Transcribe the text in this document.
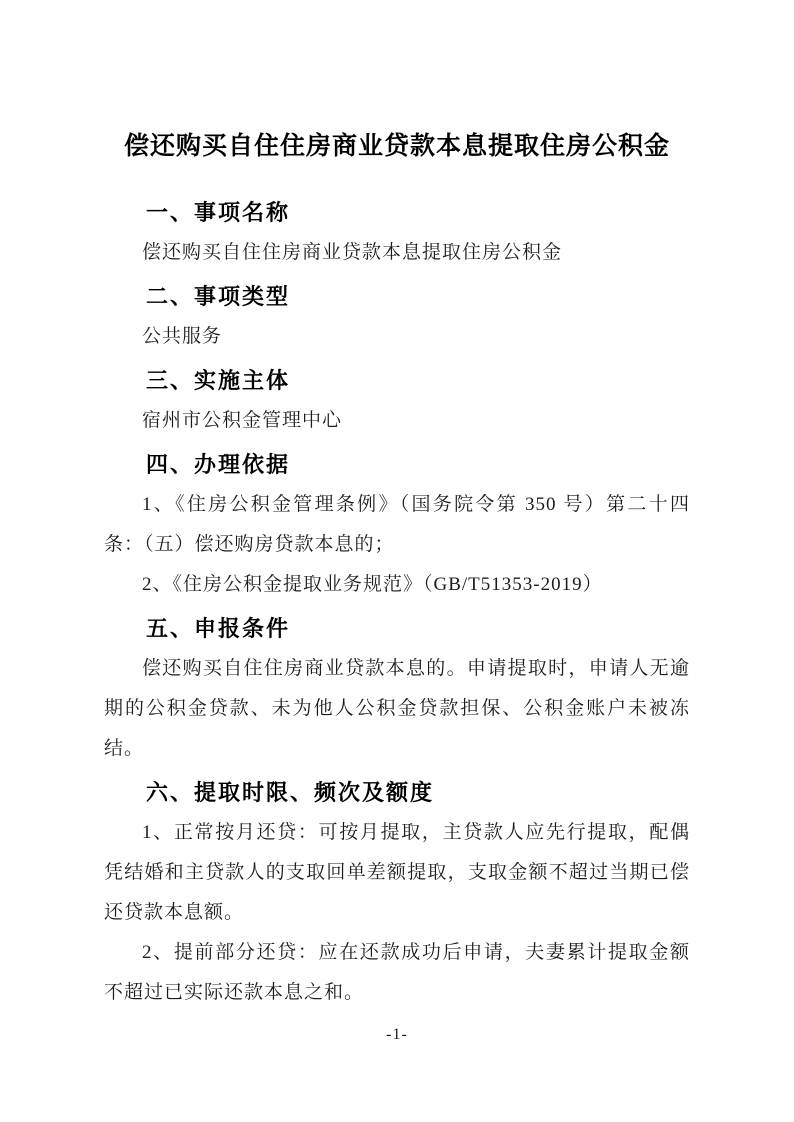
偿还购买自住住房商业贷款本息提取住房公积金
一、事项名称

偿还购买自住住房商业贷款本息提取住房公积金

二、事项类型

公共服务

三、实施主体

宿州市公积金管理中心

四、办理依据

1、《住房公积金管理条例》（国务院令第 350 号）第二十四条：（五）偿还购房贷款本息的；

2、《住房公积金提取业务规范》（GB/T51353-2019）

五、申报条件

偿还购买自住住房商业贷款本息的。申请提取时，申请人无逾期的公积金贷款、未为他人公积金贷款担保、公积金账户未被冻结。

六、提取时限、频次及额度

1、正常按月还贷：可按月提取，主贷款人应先行提取，配偶凭结婚和主贷款人的支取回单差额提取，支取金额不超过当期已偿还贷款本息额。

2、提前部分还贷：应在还款成功后申请，夫妻累计提取金额不超过已实际还款本息之和。

-1-
